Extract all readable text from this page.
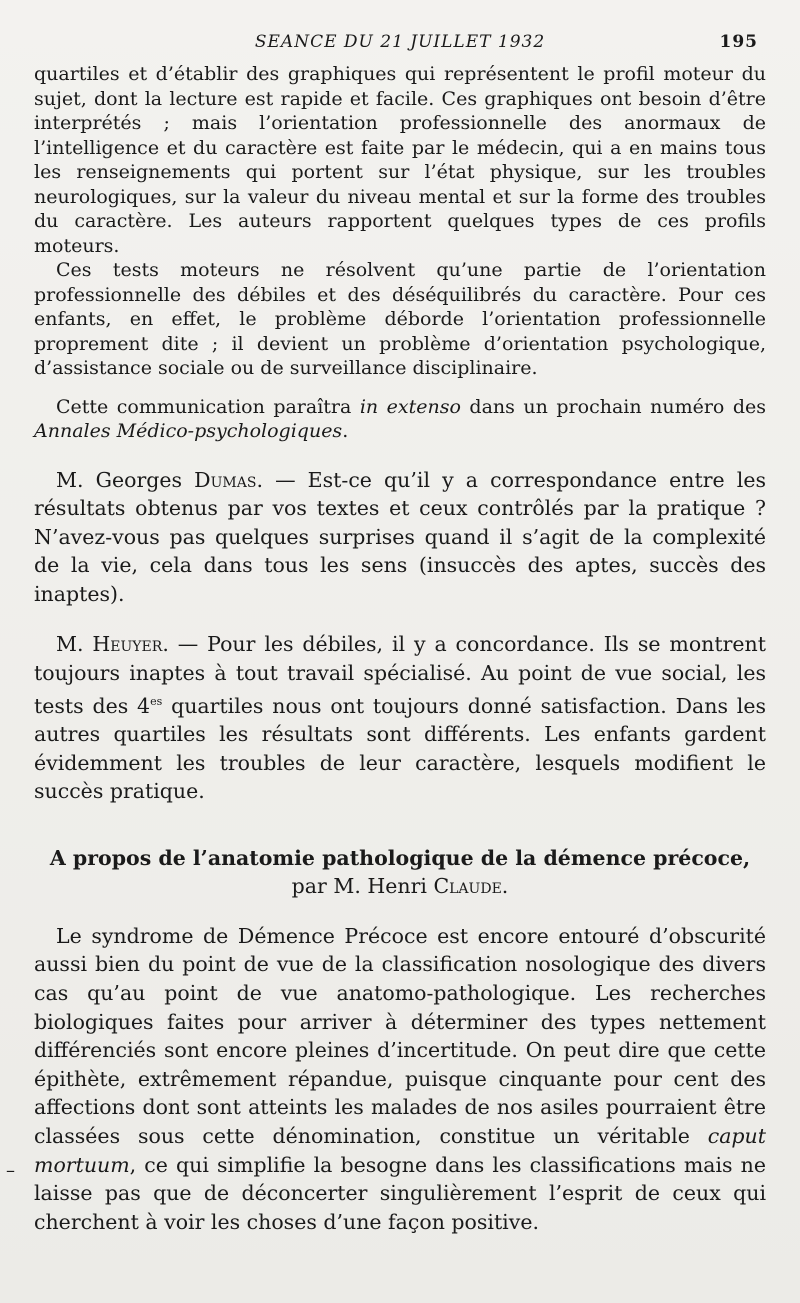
SEANCE DU 21 JUILLET 1932	195

quartiles et d’établir des graphiques qui représentent le profil moteur du sujet, dont la lecture est rapide et facile. Ces graphiques ont besoin d’être interprétés ; mais l’orientation professionnelle des anormaux de l’intelligence et du caractère est faite par le médecin, qui a en mains tous les renseignements qui portent sur l’état physique, sur les troubles neurologiques, sur la valeur du niveau mental et sur la forme des troubles du caractère. Les auteurs rapportent quelques types de ces profils moteurs.

Ces tests moteurs ne résolvent qu’une partie de l’orientation professionnelle des débiles et des déséquilibrés du caractère. Pour ces enfants, en effet, le problème déborde l’orientation professionnelle proprement dite ; il devient un problème d’orientation psychologique, d’assistance sociale ou de surveillance disciplinaire.

Cette communication paraîtra in extenso dans un prochain numéro des Annales Médico-psychologiques.

M. Georges Dumas. — Est-ce qu’il y a correspondance entre les résultats obtenus par vos textes et ceux contrôlés par la pratique ? N’avez-vous pas quelques surprises quand il s’agit de la complexité de la vie, cela dans tous les sens (insuccès des aptes, succès des inaptes).

M. Heuyer. — Pour les débiles, il y a concordance. Ils se montrent toujours inaptes à tout travail spécialisé. Au point de vue social, les tests des $4^{es}$ quartiles nous ont toujours donné satisfaction. Dans les autres quartiles les résultats sont différents. Les enfants gardent évidemment les troubles de leur caractère, lesquels modifient le succès pratique.

A propos de l’anatomie pathologique de la démence précoce,
par M. Henri Claude.

Le syndrome de Démence Précoce est encore entouré d’obscurité aussi bien du point de vue de la classification nosologique des divers cas qu’au point de vue anatomo-pathologique. Les recherches biologiques faites pour arriver à déterminer des types nettement différenciés sont encore pleines d’incertitude. On peut dire que cette épithète, extrêmement répandue, puisque cinquante pour cent des affections dont sont atteints les malades de nos asiles pourraient être classées sous cette dénomination, constitue un véritable caput mortuum, ce qui simplifie la besogne dans les classifications mais ne laisse pas que de déconcerter singulièrement l’esprit de ceux qui cherchent à voir les choses d’une façon positive.

–
